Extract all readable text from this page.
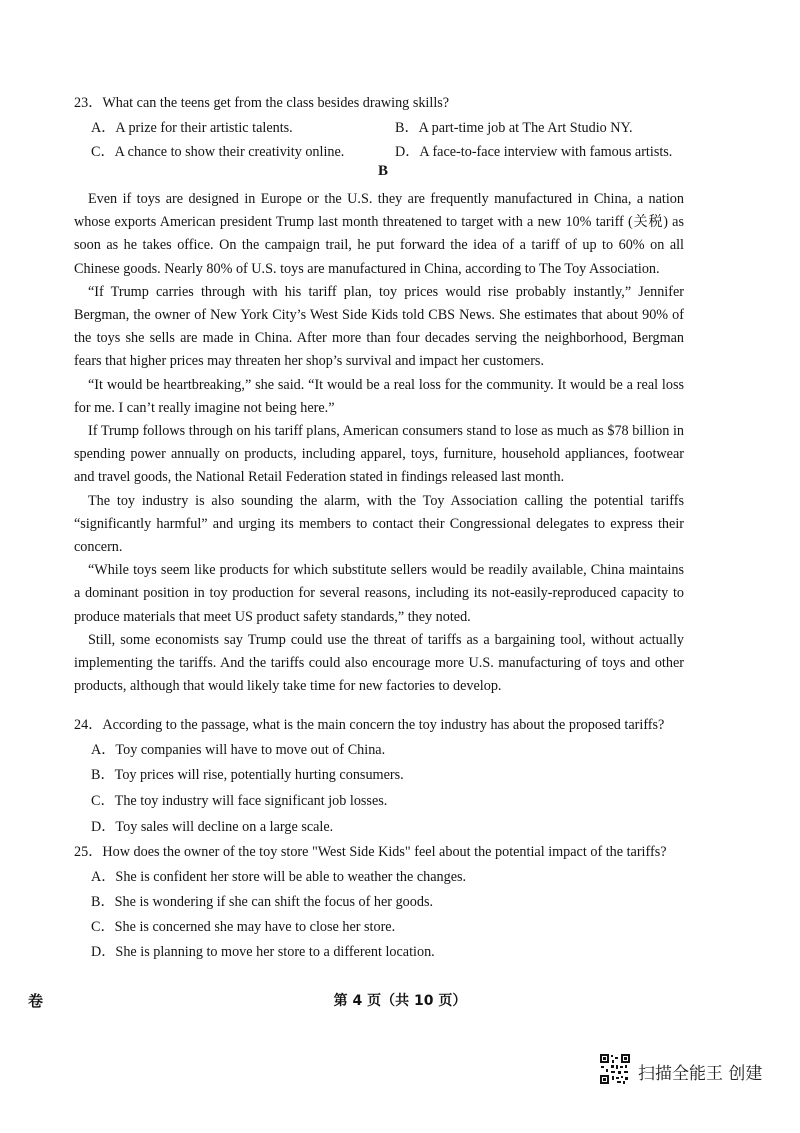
23．What can the teens get from the class besides drawing skills?
A．A prize for their artistic talents.	B．A part-time job at The Art Studio NY.
C．A chance to show their creativity online.	D．A face-to-face interview with famous artists.
B

Even if toys are designed in Europe or the U.S. they are frequently manufactured in China, a nation whose exports American president Trump last month threatened to target with a new 10% tariff (关税) as soon as he takes office. On the campaign trail, he put forward the idea of a tariff of up to 60% on all Chinese goods. Nearly 80% of U.S. toys are manufactured in China, according to The Toy Association.

“If Trump carries through with his tariff plan, toy prices would rise probably instantly,” Jennifer Bergman, the owner of New York City’s West Side Kids told CBS News. She estimates that about 90% of the toys she sells are made in China. After more than four decades serving the neighborhood, Bergman fears that higher prices may threaten her shop’s survival and impact her customers.

“It would be heartbreaking,” she said. “It would be a real loss for the community. It would be a real loss for me. I can’t really imagine not being here.”

If Trump follows through on his tariff plans, American consumers stand to lose as much as $78 billion in spending power annually on products, including apparel, toys, furniture, household appliances, footwear and travel goods, the National Retail Federation stated in findings released last month.

The toy industry is also sounding the alarm, with the Toy Association calling the potential tariffs “significantly harmful” and urging its members to contact their Congressional delegates to express their concern.

“While toys seem like products for which substitute sellers would be readily available, China maintains a dominant position in toy production for several reasons, including its not-easily-reproduced capacity to produce materials that meet US product safety standards,” they noted.

Still, some economists say Trump could use the threat of tariffs as a bargaining tool, without actually implementing the tariffs. And the tariffs could also encourage more U.S. manufacturing of toys and other products, although that would likely take time for new factories to develop.

24．According to the passage, what is the main concern the toy industry has about the proposed tariffs?
A．Toy companies will have to move out of China.
B．Toy prices will rise, potentially hurting consumers.
C．The toy industry will face significant job losses.
D．Toy sales will decline on a large scale.
25．How does the owner of the toy store "West Side Kids" feel about the potential impact of the tariffs?
A．She is confident her store will be able to weather the changes.
B．She is wondering if she can shift the focus of her goods.
C．She is concerned she may have to close her store.
D．She is planning to move her store to a different location.
卷	第 4 页（共 10 页）
扫描全能王 创建
